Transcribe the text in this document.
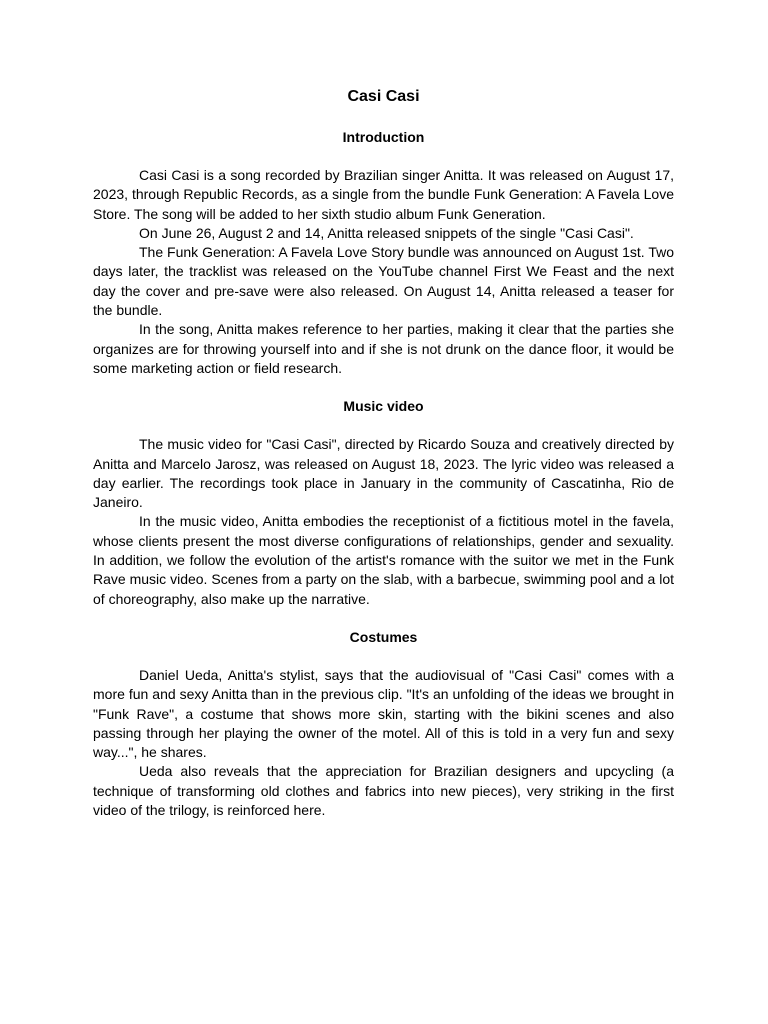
Casi Casi
Introduction

Casi Casi is a song recorded by Brazilian singer Anitta. It was released on August 17, 2023, through Republic Records, as a single from the bundle Funk Generation: A Favela Love Store. The song will be added to her sixth studio album Funk Generation.

On June 26, August 2 and 14, Anitta released snippets of the single "Casi Casi".

The Funk Generation: A Favela Love Story bundle was announced on August 1st. Two days later, the tracklist was released on the YouTube channel First We Feast and the next day the cover and pre-save were also released. On August 14, Anitta released a teaser for the bundle.

In the song, Anitta makes reference to her parties, making it clear that the parties she organizes are for throwing yourself into and if she is not drunk on the dance floor, it would be some marketing action or field research.

Music video

The music video for "Casi Casi", directed by Ricardo Souza and creatively directed by Anitta and Marcelo Jarosz, was released on August 18, 2023. The lyric video was released a day earlier. The recordings took place in January in the community of Cascatinha, Rio de Janeiro.

In the music video, Anitta embodies the receptionist of a fictitious motel in the favela, whose clients present the most diverse configurations of relationships, gender and sexuality. In addition, we follow the evolution of the artist's romance with the suitor we met in the Funk Rave music video. Scenes from a party on the slab, with a barbecue, swimming pool and a lot of choreography, also make up the narrative.

Costumes

Daniel Ueda, Anitta's stylist, says that the audiovisual of "Casi Casi" comes with a more fun and sexy Anitta than in the previous clip. "It's an unfolding of the ideas we brought in "Funk Rave", a costume that shows more skin, starting with the bikini scenes and also passing through her playing the owner of the motel. All of this is told in a very fun and sexy way...", he shares.

Ueda also reveals that the appreciation for Brazilian designers and upcycling (a technique of transforming old clothes and fabrics into new pieces), very striking in the first video of the trilogy, is reinforced here.
